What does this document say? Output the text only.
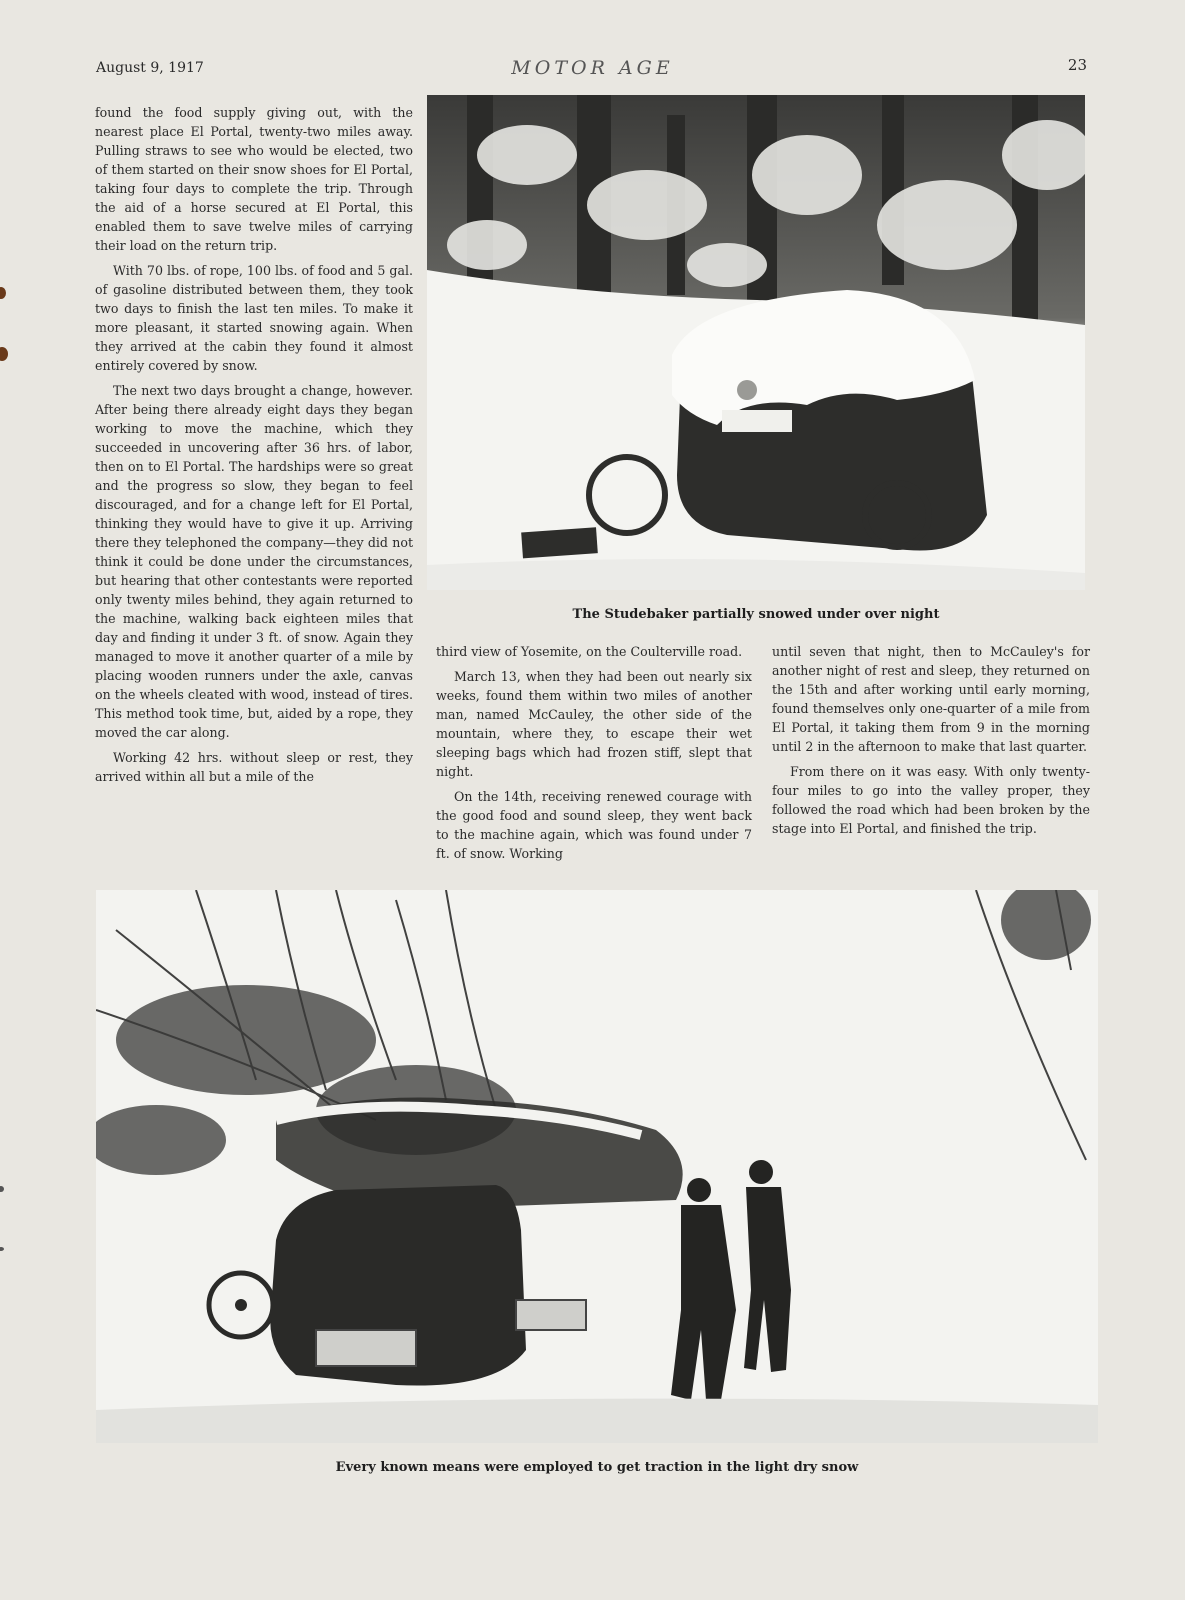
August 9, 1917	MOTOR AGE	23

found the food supply giving out, with the nearest place El Portal, twenty-two miles away. Pulling straws to see who would be elected, two of them started on their snow shoes for El Portal, taking four days to complete the trip. Through the aid of a horse secured at El Portal, this enabled them to save twelve miles of carrying their load on the return trip.

With 70 lbs. of rope, 100 lbs. of food and 5 gal. of gasoline distributed between them, they took two days to finish the last ten miles. To make it more pleasant, it started snowing again. When they arrived at the cabin they found it almost entirely covered by snow.

The next two days brought a change, however. After being there already eight days they began working to move the machine, which they succeeded in uncovering after 36 hrs. of labor, then on to El Portal. The hardships were so great and the progress so slow, they began to feel discouraged, and for a change left for El Portal, thinking they would have to give it up. Arriving there they telephoned the company—they did not think it could be done under the circumstances, but hearing that other contestants were reported only twenty miles behind, they again returned to the machine, walking back eighteen miles that day and finding it under 3 ft. of snow. Again they managed to move it another quarter of a mile by placing wooden runners under the axle, canvas on the wheels cleated with wood, instead of tires. This method took time, but, aided by a rope, they moved the car along.

Working 42 hrs. without sleep or rest, they arrived within all but a mile of the

The Studebaker partially snowed under over night

third view of Yosemite, on the Coulterville road.

March 13, when they had been out nearly six weeks, found them within two miles of another man, named McCauley, the other side of the mountain, where they, to escape their wet sleeping bags which had frozen stiff, slept that night.

On the 14th, receiving renewed courage with the good food and sound sleep, they went back to the machine again, which was found under 7 ft. of snow. Working

until seven that night, then to McCauley's for another night of rest and sleep, they returned on the 15th and after working until early morning, found themselves only one-quarter of a mile from El Portal, it taking them from 9 in the morning until 2 in the afternoon to make that last quarter.

From there on it was easy. With only twenty-four miles to go into the valley proper, they followed the road which had been broken by the stage into El Portal, and finished the trip.

Every known means were employed to get traction in the light dry snow
